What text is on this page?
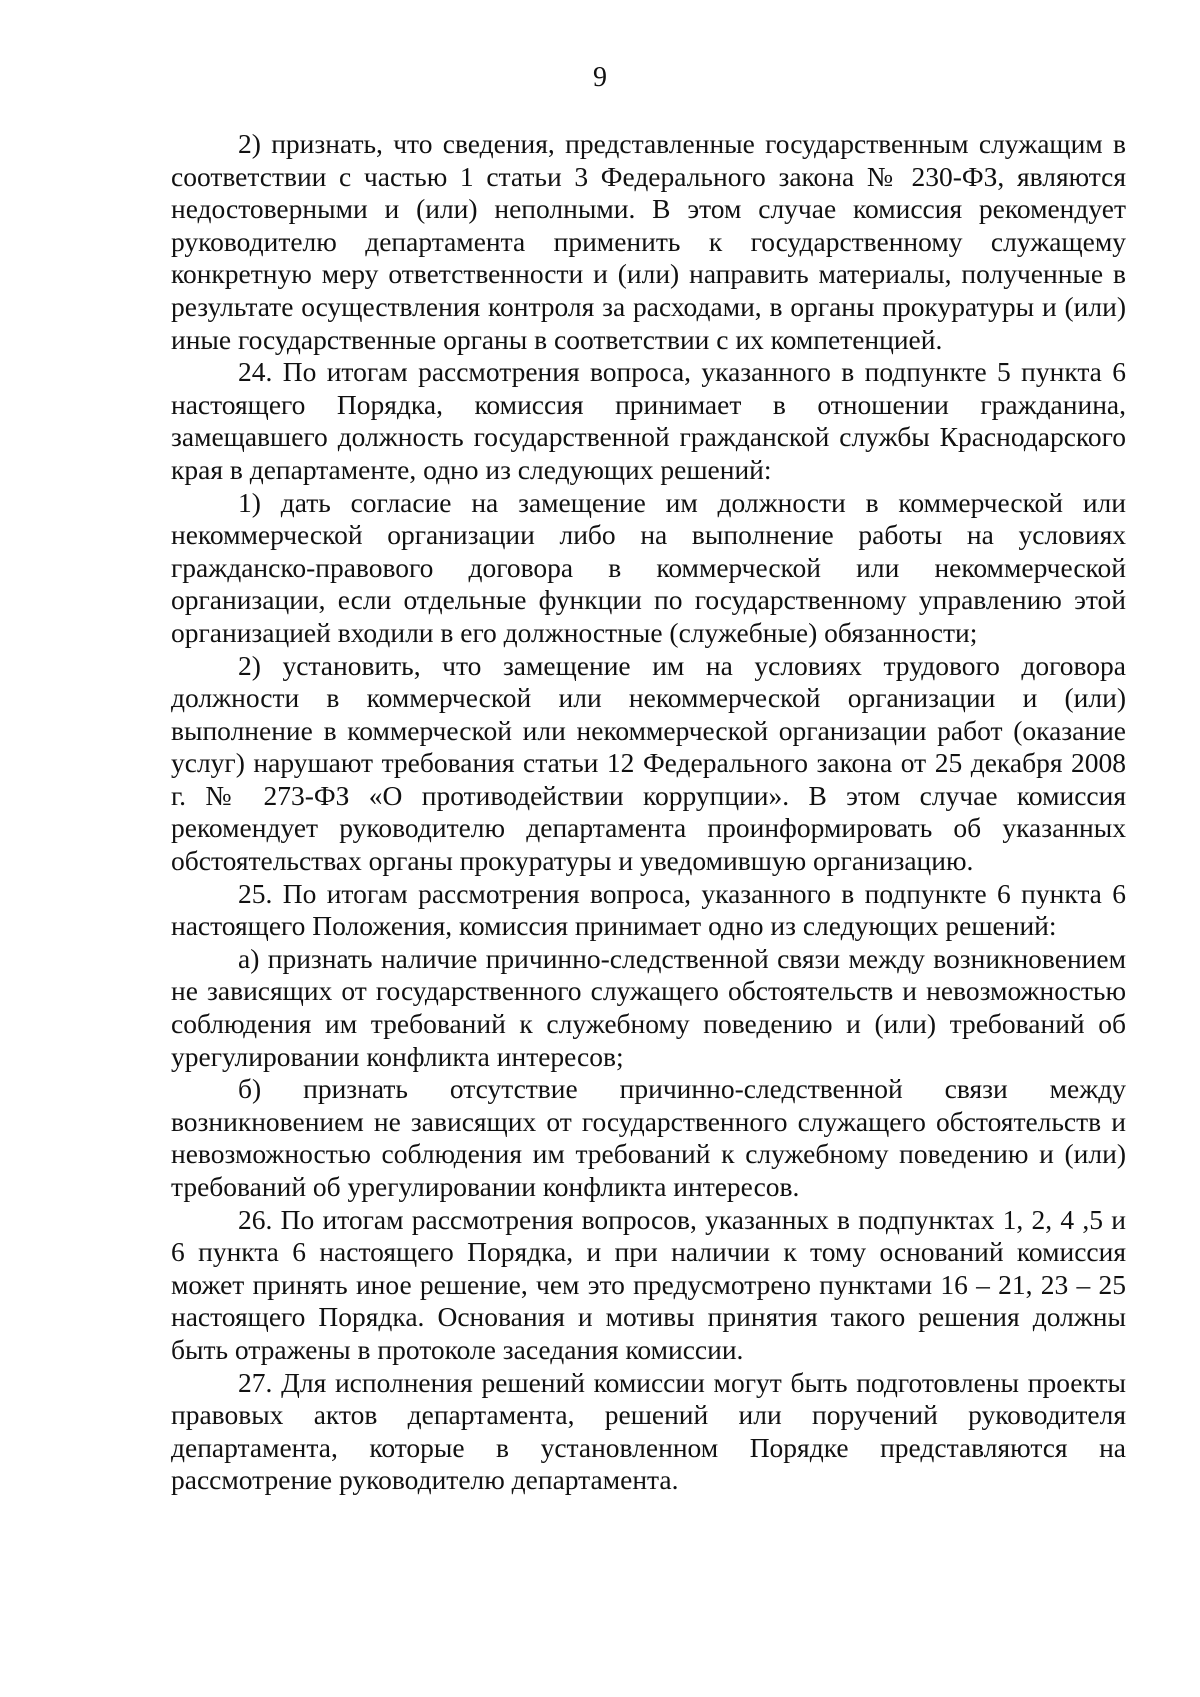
9

2) признать, что сведения, представленные государственным служащим в соответствии с частью 1 статьи 3 Федерального закона № 230-ФЗ, являются недостоверными и (или) неполными. В этом случае комиссия рекомендует руководителю департамента применить к государственному служащему конкретную меру ответственности и (или) направить материалы, полученные в результате осуществления контроля за расходами, в органы прокуратуры и (или) иные государственные органы в соответствии с их компетенцией.

24. По итогам рассмотрения вопроса, указанного в подпункте 5 пункта 6 настоящего Порядка, комиссия принимает в отношении гражданина, замещавшего должность государственной гражданской службы Краснодарского края в департаменте, одно из следующих решений:

1) дать согласие на замещение им должности в коммерческой или некоммерческой организации либо на выполнение работы на условиях гражданско-правового договора в коммерческой или некоммерческой организации, если отдельные функции по государственному управлению этой организацией входили в его должностные (служебные) обязанности;

2) установить, что замещение им на условиях трудового договора должности в коммерческой или некоммерческой организации и (или) выполнение в коммерческой или некоммерческой организации работ (оказание услуг) нарушают требования статьи 12 Федерального закона от 25 декабря 2008 г. № 273-ФЗ «О противодействии коррупции». В этом случае комиссия рекомендует руководителю департамента проинформировать об указанных обстоятельствах органы прокуратуры и уведомившую организацию.

25. По итогам рассмотрения вопроса, указанного в подпункте 6 пункта 6 настоящего Положения, комиссия принимает одно из следующих решений:

а) признать наличие причинно-следственной связи между возникновением не зависящих от государственного служащего обстоятельств и невозможностью соблюдения им требований к служебному поведению и (или) требований об урегулировании конфликта интересов;

б) признать отсутствие причинно-следственной связи между возникновением не зависящих от государственного служащего обстоятельств и невозможностью соблюдения им требований к служебному поведению и (или) требований об урегулировании конфликта интересов.

26. По итогам рассмотрения вопросов, указанных в подпунктах 1, 2, 4 ,5 и 6 пункта 6 настоящего Порядка, и при наличии к тому оснований комиссия может принять иное решение, чем это предусмотрено пунктами 16 – 21, 23 – 25 настоящего Порядка. Основания и мотивы принятия такого решения должны быть отражены в протоколе заседания комиссии.

27. Для исполнения решений комиссии могут быть подготовлены проекты правовых актов департамента, решений или поручений руководителя департамента, которые в установленном Порядке представляются на рассмотрение руководителю департамента.
